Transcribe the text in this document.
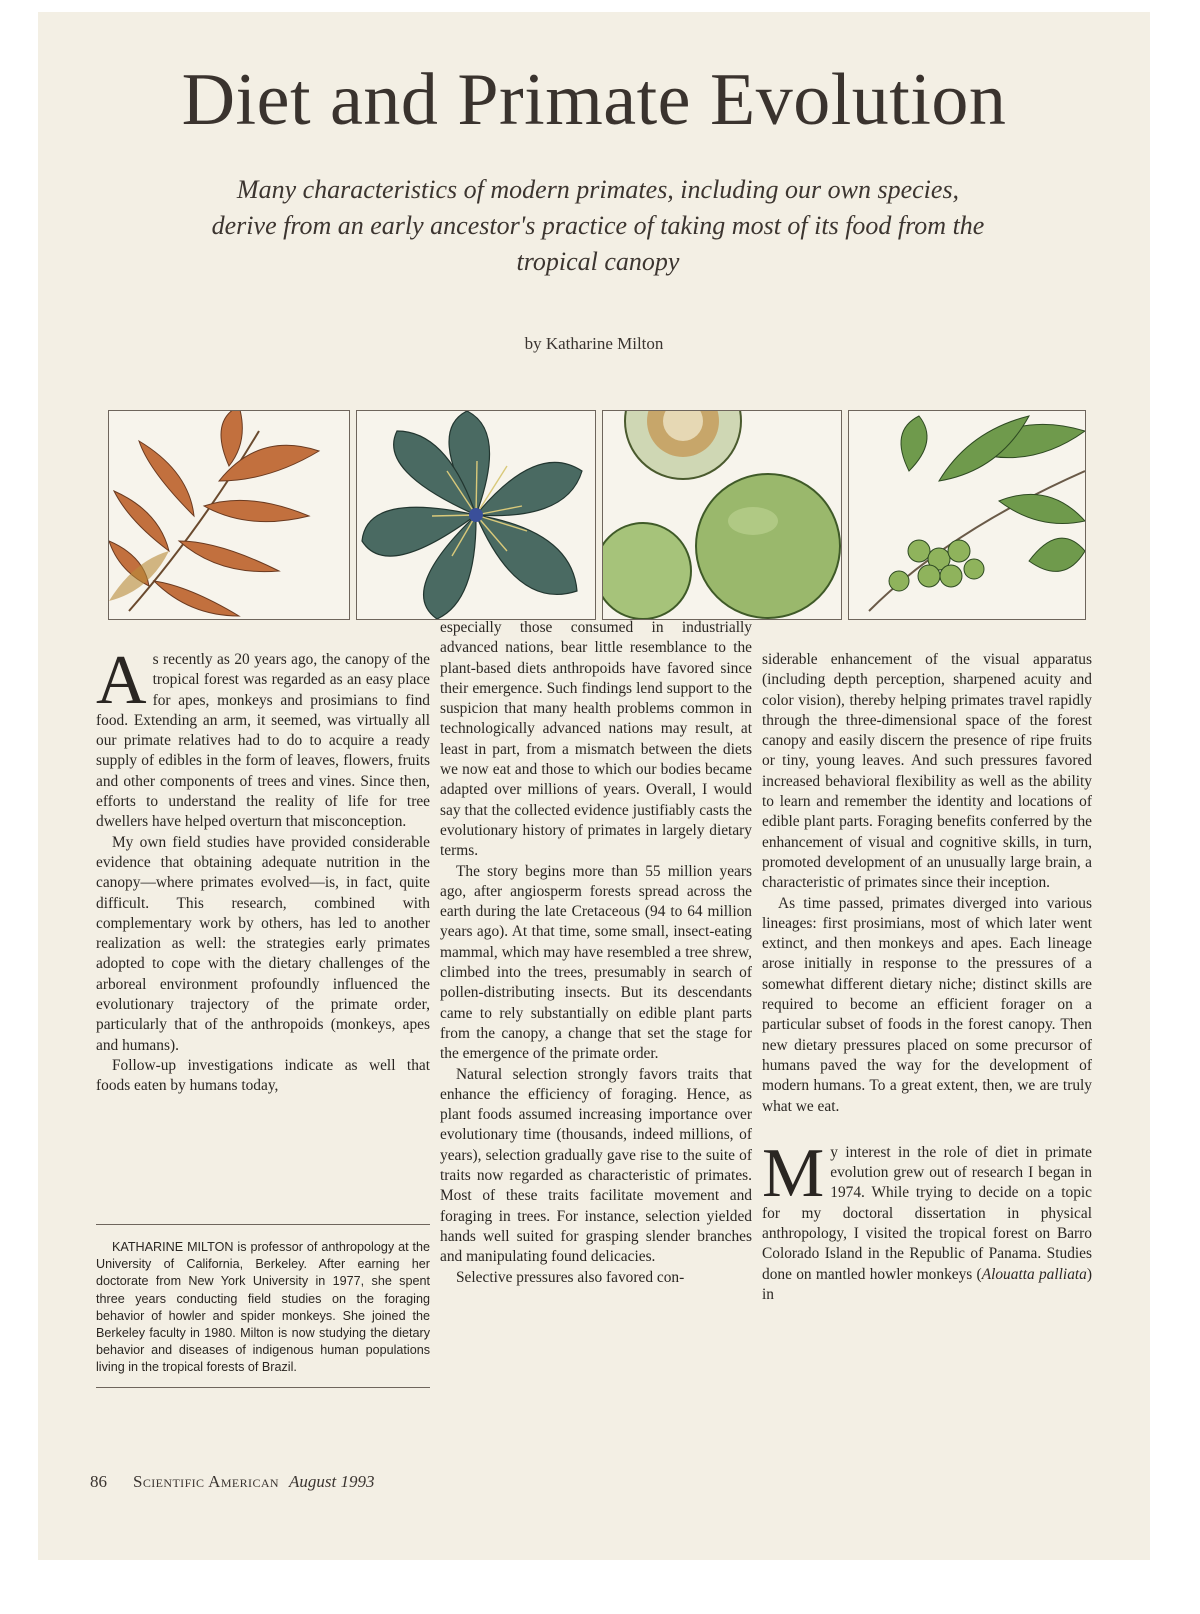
Diet and Primate Evolution
Many characteristics of modern primates, including our own species, derive from an early ancestor's practice of taking most of its food from the tropical canopy
by Katharine Milton

As recently as 20 years ago, the canopy of the tropical forest was regarded as an easy place for apes, monkeys and prosimians to find food. Extending an arm, it seemed, was virtually all our primate relatives had to do to acquire a ready supply of edibles in the form of leaves, flowers, fruits and other components of trees and vines. Since then, efforts to understand the reality of life for tree dwellers have helped overturn that misconception.

My own field studies have provided considerable evidence that obtaining adequate nutrition in the canopy—where primates evolved—is, in fact, quite difficult. This research, combined with complementary work by others, has led to another realization as well: the strategies early primates adopted to cope with the dietary challenges of the arboreal environment profoundly influenced the evolutionary trajectory of the primate order, particularly that of the anthropoids (monkeys, apes and humans).

Follow-up investigations indicate as well that foods eaten by humans today,

KATHARINE MILTON is professor of anthropology at the University of California, Berkeley. After earning her doctorate from New York University in 1977, she spent three years conducting field studies on the foraging behavior of howler and spider monkeys. She joined the Berkeley faculty in 1980. Milton is now studying the dietary behavior and diseases of indigenous human populations living in the tropical forests of Brazil.

especially those consumed in industrially advanced nations, bear little resemblance to the plant-based diets anthropoids have favored since their emergence. Such findings lend support to the suspicion that many health problems common in technologically advanced nations may result, at least in part, from a mismatch between the diets we now eat and those to which our bodies became adapted over millions of years. Overall, I would say that the collected evidence justifiably casts the evolutionary history of primates in largely dietary terms.

The story begins more than 55 million years ago, after angiosperm forests spread across the earth during the late Cretaceous (94 to 64 million years ago). At that time, some small, insect-eating mammal, which may have resembled a tree shrew, climbed into the trees, presumably in search of pollen-distributing insects. But its descendants came to rely substantially on edible plant parts from the canopy, a change that set the stage for the emergence of the primate order.

Natural selection strongly favors traits that enhance the efficiency of foraging. Hence, as plant foods assumed increasing importance over evolutionary time (thousands, indeed millions, of years), selection gradually gave rise to the suite of traits now regarded as characteristic of primates. Most of these traits facilitate movement and foraging in trees. For instance, selection yielded hands well suited for grasping slender branches and manipulating found delicacies.

Selective pressures also favored con-

siderable enhancement of the visual apparatus (including depth perception, sharpened acuity and color vision), thereby helping primates travel rapidly through the three-dimensional space of the forest canopy and easily discern the presence of ripe fruits or tiny, young leaves. And such pressures favored increased behavioral flexibility as well as the ability to learn and remember the identity and locations of edible plant parts. Foraging benefits conferred by the enhancement of visual and cognitive skills, in turn, promoted development of an unusually large brain, a characteristic of primates since their inception.

As time passed, primates diverged into various lineages: first prosimians, most of which later went extinct, and then monkeys and apes. Each lineage arose initially in response to the pressures of a somewhat different dietary niche; distinct skills are required to become an efficient forager on a particular subset of foods in the forest canopy. Then new dietary pressures placed on some precursor of humans paved the way for the development of modern humans. To a great extent, then, we are truly what we eat.

My interest in the role of diet in primate evolution grew out of research I began in 1974. While trying to decide on a topic for my doctoral dissertation in physical anthropology, I visited the tropical forest on Barro Colorado Island in the Republic of Panama. Studies done on mantled howler monkeys (Alouatta palliata) in

86 Scientific American August 1993
